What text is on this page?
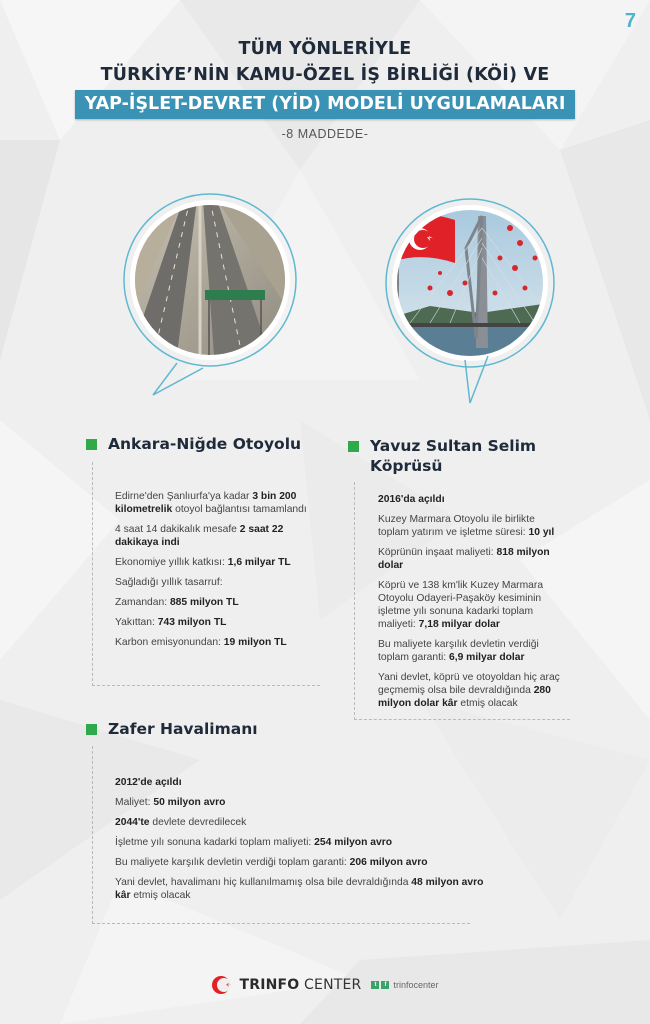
7
TÜM YÖNLERİYLE
TÜRKİYE’NİN KAMU-ÖZEL İŞ BİRLİĞİ (KÖİ) VE
YAP-İŞLET-DEVRET (YİD) MODELİ UYGULAMALARI
-8 MADDEDE-
Ankara-Niğde Otoyolu
Edirne'den Şanlıurfa'ya kadar 3 bin 200 kilometrelik otoyol bağlantısı tamamlandı
4 saat 14 dakikalık mesafe 2 saat 22 dakikaya indi
Ekonomiye yıllık katkısı: 1,6 milyar TL
Sağladığı yıllık tasarruf:
Zamandan: 885 milyon TL
Yakıttan: 743 milyon TL
Karbon emisyonundan: 19 milyon TL
Yavuz Sultan Selim Köprüsü
2016'da açıldı
Kuzey Marmara Otoyolu ile birlikte toplam yatırım ve işletme süresi: 10 yıl
Köprünün inşaat maliyeti: 818 milyon dolar
Köprü ve 138 km'lik Kuzey Marmara Otoyolu Odayeri-Paşaköy kesiminin işletme yılı sonuna kadarki toplam maliyeti: 7,18 milyar dolar
Bu maliyete karşılık devletin verdiği toplam garanti: 6,9 milyar dolar
Yani devlet, köprü ve otoyoldan hiç araç geçmemiş olsa bile devraldığında 280 milyon dolar kâr etmiş olacak
Zafer Havalimanı
2012'de açıldı
Maliyet: 50 milyon avro
2044'te devlete devredilecek
İşletme yılı sonuna kadarki toplam maliyeti: 254 milyon avro
Bu maliyete karşılık devletin verdiği toplam garanti: 206 milyon avro
Yani devlet, havalimanı hiç kullanılmamış olsa bile devraldığında 48 milyon avro kâr etmiş olacak
TRINFO CENTER	t	f trinfocenter
